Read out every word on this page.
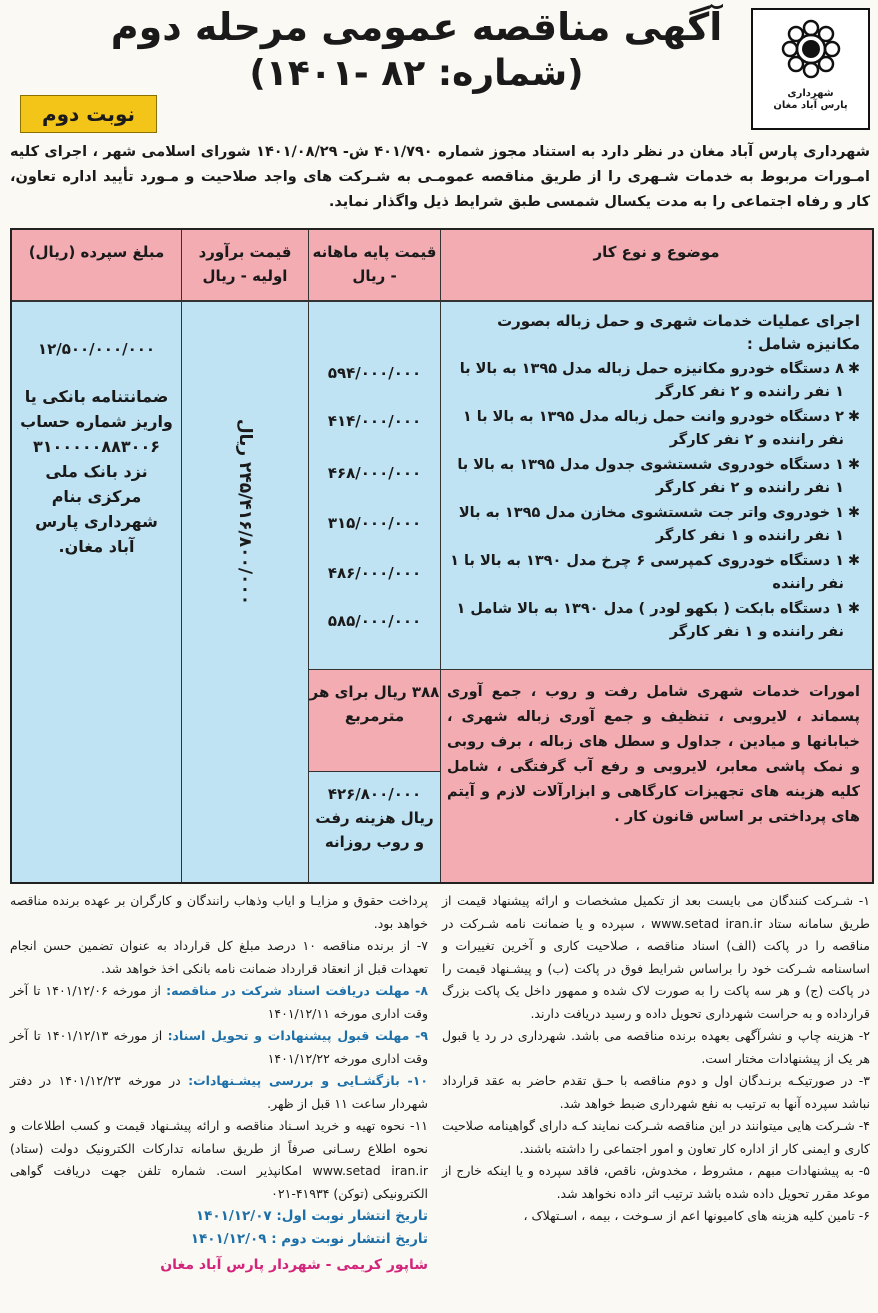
شهرداری
پارس آباد مغان
آگهی مناقصه عمومی مرحله دوم
(شماره: ۸۲ -۱۴۰۱)
نوبت دوم
شهرداری پارس آباد مغان در نظر دارد به استناد مجوز شماره ۴۰۱/۷۹۰ ش- ۱۴۰۱/۰۸/۲۹ شورای اسلامی شهر ، اجرای کلیه امـورات مربوط به خدمات شـهری را از طریق مناقصه عمومـی به شـرکت های واجد صلاحیت و مـورد تأیید اداره تعاون، کار و رفاه اجتماعی را به مدت یکسال شمسی طبق شرایط ذیل واگذار نماید.
موضوع و نوع کار
قیمت پایه ماهانه - ریال
قیمت برآورد اولیه - ریال
مبلغ سپرده (ریال)
اجرای عملیات خدمات شهری و حمل زباله بصورت مکانیزه شامل :
✱
۸ دستگاه خودرو مکانیزه حمل زباله مدل ۱۳۹۵ به بالا با ۱ نفر راننده و ۲ نفر کارگر
✱
۲ دستگاه خودرو وانت حمل زباله مدل ۱۳۹۵ به بالا با ۱ نفر راننده و ۲ نفر کارگر
✱
۱ دستگاه خودروی شستشوی جدول مدل ۱۳۹۵ به بالا با ۱ نفر راننده و ۲ نفر کارگر
✱
۱ خودروی واتر جت شستشوی مخازن مدل ۱۳۹۵ به بالا ۱ نفر راننده و ۱ نفر کارگر
✱
۱ دستگاه خودروی کمپرسی ۶ چرخ مدل ۱۳۹۰ به بالا با ۱ نفر راننده
✱
۱ دستگاه بابکت ( بکهو لودر ) مدل ۱۳۹۰ به بالا شامل ۱ نفر راننده و ۱ نفر کارگر
۵۹۴/۰۰۰/۰۰۰
۴۱۴/۰۰۰/۰۰۰
۴۶۸/۰۰۰/۰۰۰
۳۱۵/۰۰۰/۰۰۰
۴۸۶/۰۰۰/۰۰۰
۵۸۵/۰۰۰/۰۰۰
۲۴۵/۴۱۶/۸۰۰/۰۰۰ ریال
۱۲/۵۰۰/۰۰۰/۰۰۰
ضمانتنامه بانکی یا واریز شماره حساب ۳۱۰۰۰۰۰۸۸۳۰۰۶ نزد بانک ملی مرکزی بنام شهرداری پارس آباد مغان.
امورات خدمات شهری شامل رفت و روب ، جمع آوری پسماند ، لایروبی ، تنظیف و جمع آوری زباله شهری ، خیابانها و میادین ، جداول و سطل های زباله ، برف روبی و نمک پاشی معابر، لایروبی و رفع آب گرفتگی ، شامل کلیه هزینه های تجهیزات کارگاهی و ابزارآلات لازم و آیتم های پرداختی بر اساس قانون کار .
۳۸۸ ریال برای هر مترمربع
۴۲۶/۸۰۰/۰۰۰ ریال هزینه رفت و روب روزانه

۱- شـرکت کنندگان می بایست بعد از تکمیل مشخصات و ارائه پیشنهاد قیمت از طریق سامانه ستاد www.setad iran.ir ، سپرده و یا ضمانت نامه شـرکت در مناقصه را در پاکت (الف) اسناد مناقصه ، صلاحیت کاری و آخرین تغییرات و اساسنامه شـرکت خود را براساس شرایط فوق در پاکت (ب) و پیشـنهاد قیمت را در پاکت (ج) و هر سه پاکت را به صورت لاک شده و ممهور داخل یک پاکت بزرگ قرارداده و به حراست شهرداری تحویل داده و رسید دریافت دارند.

۲- هزینه چاپ و نشرآگهی بعهده برنده مناقصه می باشد. شهرداری در رد یا قبول هر یک از پیشنهادات مختار است.

۳- در صورتیکـه برنـدگان اول و دوم مناقصه با حـق تقدم حاضر به عقد قرارداد نباشد سپرده آنها به ترتیب به نفع شهرداری ضبط خواهد شد.

۴- شـرکت هایی میتوانند در این مناقصه شـرکت نمایند کـه دارای گواهینامه صلاحیت کاری و ایمنی کار از اداره کار تعاون و امور اجتماعی را داشته باشند.

۵- به پیشنهادات مبهم ، مشروط ، مخدوش، ناقص، فاقد سپرده و یا اینکه خارج از موعد مقرر تحویل داده شده باشد ترتیب اثر داده نخواهد شد.

۶- تامین کلیه هزینه های کامیونها اعم از سـوخت ، بیمه ، اسـتهلاک ،

پرداخت حقوق و مزایـا و ایاب وذهاب رانندگان و کارگران بر عهده برنده مناقصه خواهد بود.

۷- از برنده مناقصه ۱۰ درصد مبلغ کل قرارداد به عنوان تضمین حسن انجام تعهدات قبل از انعقاد قرارداد ضمانت نامه بانکی اخذ خواهد شد.

۸- مهلت دریافت اسناد شرکت در مناقصه: از مورخه ۱۴۰۱/۱۲/۰۶ تا آخر وقت اداری مورخه ۱۴۰۱/۱۲/۱۱

۹- مهلت قبول پیشنهادات و تحویل اسناد: از مورخه ۱۴۰۱/۱۲/۱۳ تا آخر وقت اداری مورخه ۱۴۰۱/۱۲/۲۲

۱۰- بازگشـایی و بررسی پیشـنهادات: در مورخه ۱۴۰۱/۱۲/۲۳ در دفتر شهردار ساعت ۱۱ قبل از ظهر.

۱۱- نحوه تهیه و خرید اسـناد مناقصه و ارائه پیشـنهاد قیمت و کسب اطلاعات و نحوه اطلاع رسـانی صرفاً از طریق سامانه تدارکات الکترونیک دولت (ستاد) www.setad iran.ir امکانپذیر است. شماره تلفن جهت دریافت گواهی الکترونیکی (توکن) ۴۱۹۳۴-۰۲۱

تاریخ انتشار نوبت اول: ۱۴۰۱/۱۲/۰۷

تاریخ انتشار نوبت دوم : ۱۴۰۱/۱۲/۰۹

شاپور کریمی - شهردار پارس آباد مغان
